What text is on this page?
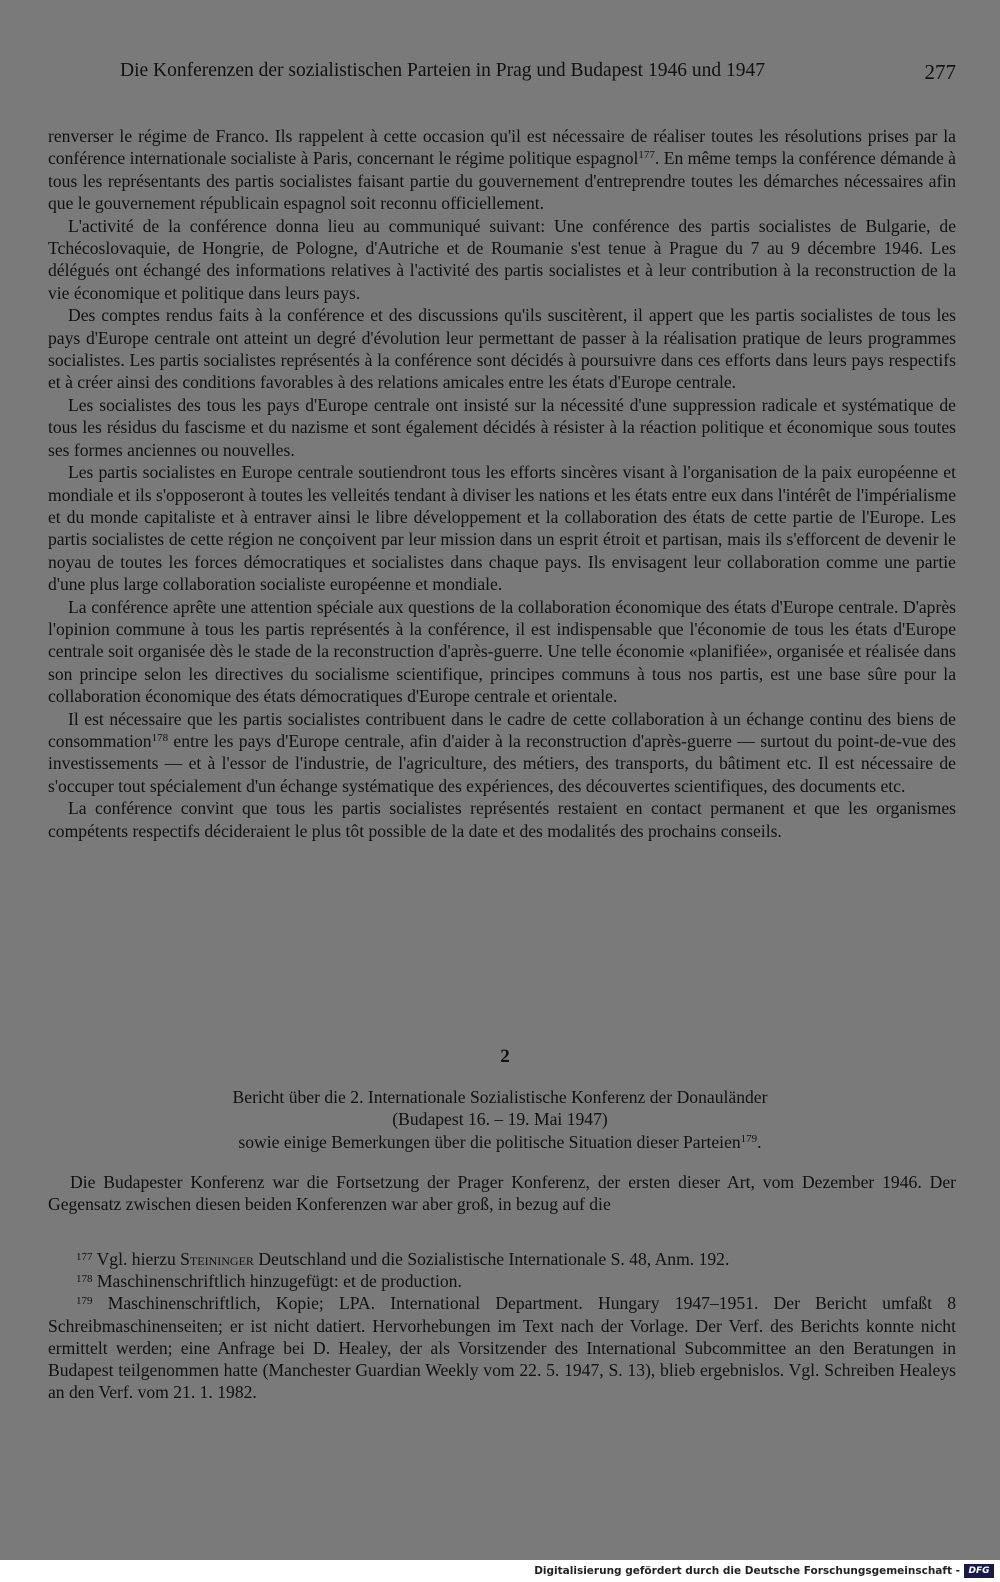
Die Konferenzen der sozialistischen Parteien in Prag und Budapest 1946 und 1947	277

renverser le régime de Franco. Ils rappelent à cette occasion qu'il est nécessaire de réaliser toutes les résolutions prises par la conférence internationale socialiste à Paris, concernant le régime politique espagnol$^{177}$. En même temps la conférence démande à tous les représentants des partis socialistes faisant partie du gouvernement d'entreprendre toutes les démarches nécessaires afin que le gouvernement républicain espagnol soit reconnu officiellement.

L'activité de la conférence donna lieu au communiqué suivant: Une conférence des partis socialistes de Bulgarie, de Tchécoslovaquie, de Hongrie, de Pologne, d'Autriche et de Roumanie s'est tenue à Prague du 7 au 9 décembre 1946. Les délégués ont échangé des informations relatives à l'activité des partis socialistes et à leur contribution à la reconstruction de la vie économique et politique dans leurs pays.

Des comptes rendus faits à la conférence et des discussions qu'ils suscitèrent, il appert que les partis socialistes de tous les pays d'Europe centrale ont atteint un degré d'évolution leur permettant de passer à la réalisation pratique de leurs programmes socialistes. Les partis socialistes représentés à la conférence sont décidés à poursuivre dans ces efforts dans leurs pays respectifs et à créer ainsi des conditions favorables à des relations amicales entre les états d'Europe centrale.

Les socialistes des tous les pays d'Europe centrale ont insisté sur la nécessité d'une suppression radicale et systématique de tous les résidus du fascisme et du nazisme et sont également décidés à résister à la réaction politique et économique sous toutes ses formes anciennes ou nouvelles.

Les partis socialistes en Europe centrale soutiendront tous les efforts sincères visant à l'organisation de la paix européenne et mondiale et ils s'opposeront à toutes les velleités tendant à diviser les nations et les états entre eux dans l'intérêt de l'impérialisme et du monde capitaliste et à entraver ainsi le libre développement et la collaboration des états de cette partie de l'Europe. Les partis socialistes de cette région ne conçoivent par leur mission dans un esprit étroit et partisan, mais ils s'efforcent de devenir le noyau de toutes les forces démocratiques et socialistes dans chaque pays. Ils envisagent leur collaboration comme une partie d'une plus large collaboration socialiste européenne et mondiale.

La conférence aprête une attention spéciale aux questions de la collaboration économique des états d'Europe centrale. D'après l'opinion commune à tous les partis représentés à la conférence, il est indispensable que l'économie de tous les états d'Europe centrale soit organisée dès le stade de la reconstruction d'après-guerre. Une telle économie «planifiée», organisée et réalisée dans son principe selon les directives du socialisme scientifique, principes communs à tous nos partis, est une base sûre pour la collaboration économique des états démocratiques d'Europe centrale et orientale.

Il est nécessaire que les partis socialistes contribuent dans le cadre de cette collaboration à un échange continu des biens de consommation$^{178}$ entre les pays d'Europe centrale, afin d'aider à la reconstruction d'après-guerre — surtout du point-de-vue des investissements — et à l'essor de l'industrie, de l'agriculture, des métiers, des transports, du bâtiment etc. Il est nécessaire de s'occuper tout spécialement d'un échange systématique des expériences, des découvertes scientifiques, des documents etc.

La conférence convint que tous les partis socialistes représentés restaient en contact permanent et que les organismes compétents respectifs décideraient le plus tôt possible de la date et des modalités des prochains conseils.

2
Bericht über die 2. Internationale Sozialistische Konferenz der Donauländer
(Budapest 16. – 19. Mai 1947)
sowie einige Bemerkungen über die politische Situation dieser Parteien$^{179}$.

Die Budapester Konferenz war die Fortsetzung der Prager Konferenz, der ersten dieser Art, vom Dezember 1946. Der Gegensatz zwischen diesen beiden Konferenzen war aber groß, in bezug auf die

$^{177}$ Vgl. hierzu Steininger Deutschland und die Sozialistische Internationale S. 48, Anm. 192.

$^{178}$ Maschinenschriftlich hinzugefügt: et de production.

$^{179}$ Maschinenschriftlich, Kopie; LPA. International Department. Hungary 1947–1951. Der Bericht umfaßt 8 Schreibmaschinenseiten; er ist nicht datiert. Hervorhebungen im Text nach der Vorlage. Der Verf. des Berichts konnte nicht ermittelt werden; eine Anfrage bei D. Healey, der als Vorsitzender des International Subcommittee an den Beratungen in Budapest teilgenommen hatte (Manchester Guardian Weekly vom 22. 5. 1947, S. 13), blieb ergebnislos. Vgl. Schreiben Healeys an den Verf. vom 21. 1. 1982.

Digitalisierung gefördert durch die Deutsche Forschungsgemeinschaft - DFG
